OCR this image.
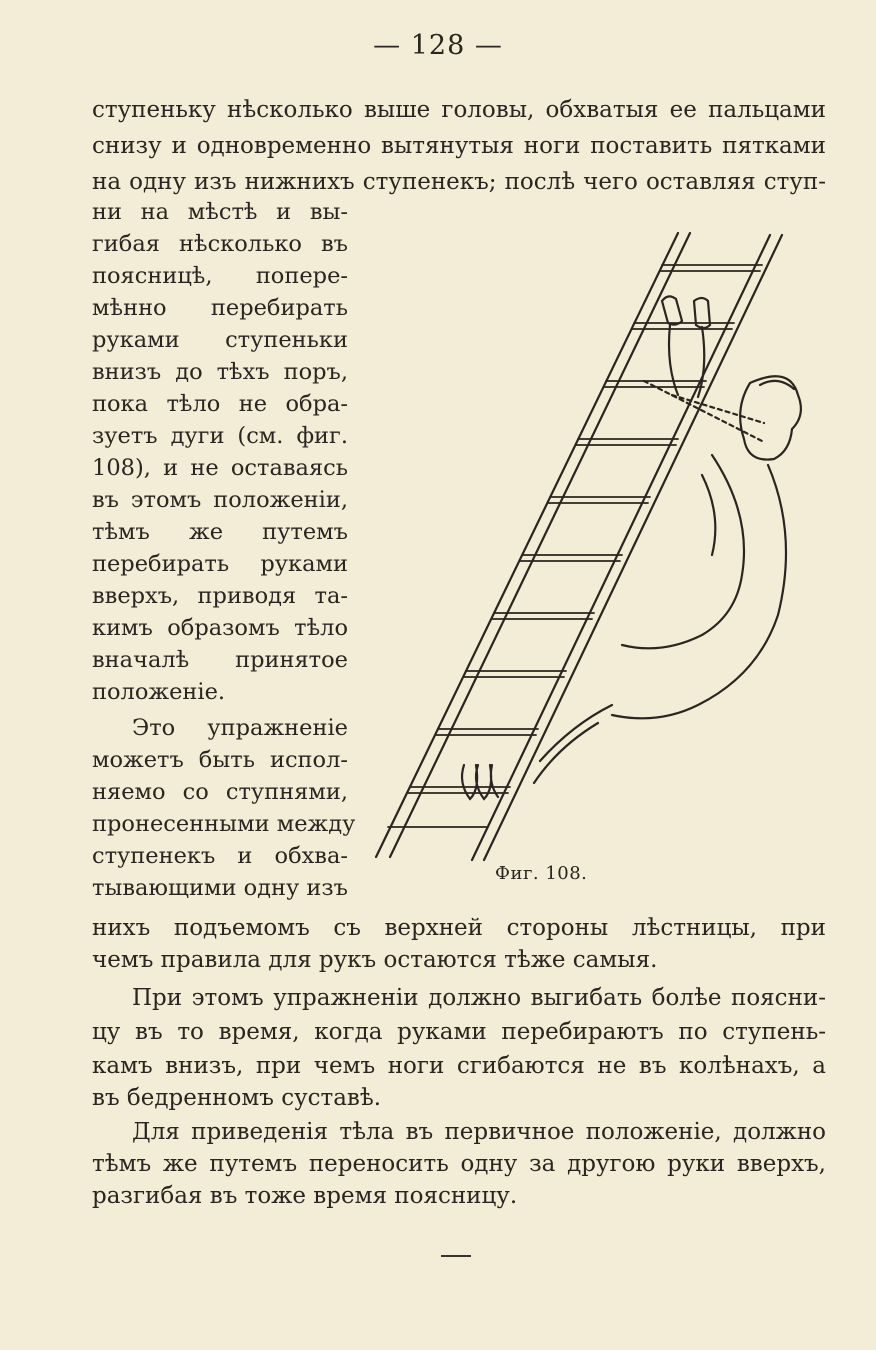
— 128 —
ступеньку нѣсколько выше головы, обхватыя ее пальцами
снизу и одновременно вытянутыя ноги поставить пятками
на одну изъ нижнихъ ступенекъ; послѣ чего оставляя ступ-
ни на мѣстѣ и вы-
гибая нѣсколько въ
поясницѣ, попере-
мѣнно перебирать
руками ступеньки
внизъ до тѣхъ поръ,
пока тѣло не обра-
зуетъ дуги (см. фиг.
108), и не оставаясь
въ этомъ положенiи,
тѣмъ же путемъ
перебирать руками
вверхъ, приводя та-
кимъ образомъ тѣло
вначалѣ принятое
положенiе.
Это упражненiе
можетъ быть испол-
няемо со ступнями,
пронесенными между
ступенекъ и обхва-
тывающими одну изъ
Фиг. 108.
нихъ подъемомъ съ верхней стороны лѣстницы, при
чемъ правила для рукъ остаются тѣже самыя.
При этомъ упражненiи должно выгибать болѣе поясни-
цу въ то время, когда руками перебираютъ по ступень-
камъ внизъ, при чемъ ноги сгибаются не въ колѣнахъ, а
въ бедренномъ суставѣ.
Для приведенiя тѣла въ первичное положенiе, должно
тѣмъ же путемъ переносить одну за другою руки вверхъ,
разгибая въ тоже время поясницу.
